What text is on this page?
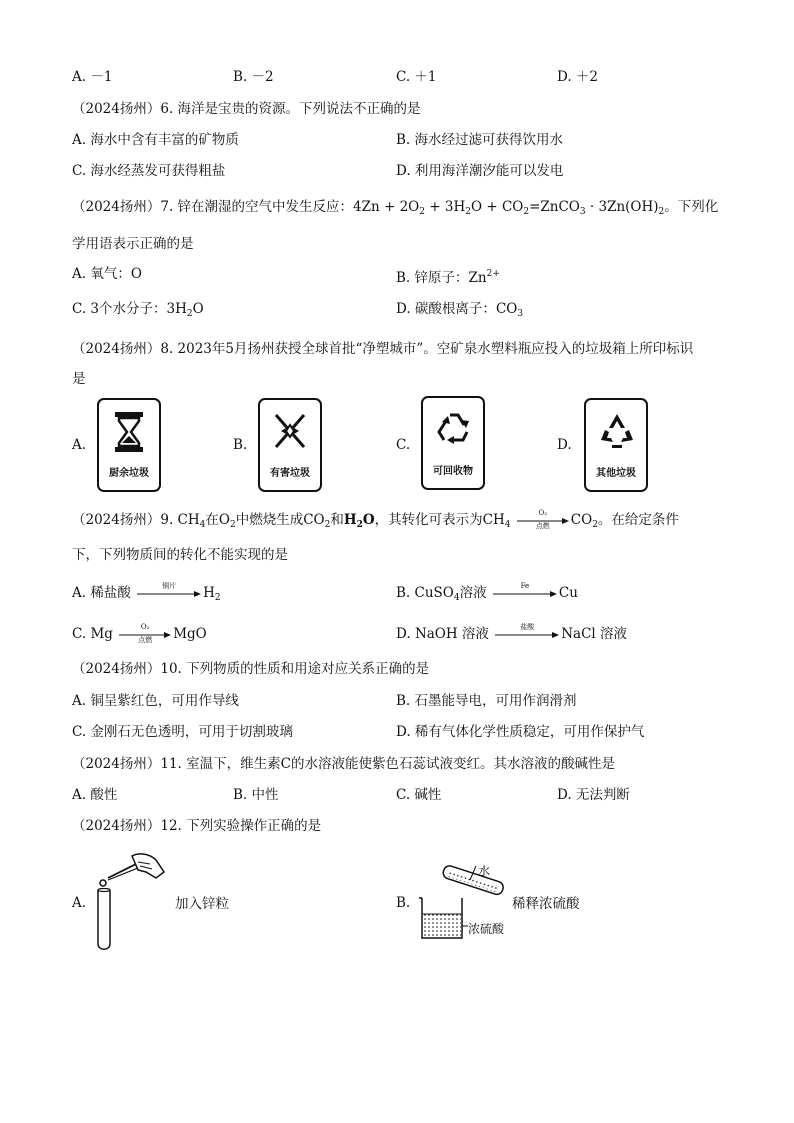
A. －1	B. －2	C. ＋1	D. ＋2
（2024扬州）6. 海洋是宝贵的资源。下列说法不正确的是
A. 海水中含有丰富的矿物质	B. 海水经过滤可获得饮用水
C. 海水经蒸发可获得粗盐	D. 利用海洋潮汐能可以发电
（2024扬州）7. 锌在潮湿的空气中发生反应：$4Zn + 2O_2 + 3H_2O$ + $CO_2=ZnCO_3 \cdot 3Zn(OH)_2$。下列化
学用语表示正确的是
A. 氧气：O	B. 锌原子：$Zn^{2+}$
C. 3个水分子：$3H_2O$	D. 碳酸根离子：$CO_3$
（2024扬州）8. 2023年5月扬州获授全球首批“净塑城市”。空矿泉水塑料瓶应投入的垃圾箱上所印标识
是
A.
厨余垃圾
B.
有害垃圾
C.
可回收物
D.
其他垃圾
（2024扬州）9. $CH_4$在$O_2$中燃烧生成$CO_2$和$H_2O$，其转化可表示为$CH_4$
O₂
点燃	$CO_2$。在给定条件
下，下列物质间的转化不能实现的是
A. 稀盐酸	铜片	$H_2$	B. CuSO$_4$溶液	Fe	Cu
C. Mg	O₂
点燃	MgO	D. NaOH 溶液	盐酸	NaCl 溶液
（2024扬州）10. 下列物质的性质和用途对应关系正确的是
A. 铜呈紫红色，可用作导线	B. 石墨能导电，可用作润滑剂
C. 金刚石无色透明，可用于切割玻璃	D. 稀有气体化学性质稳定，可用作保护气
（2024扬州）11. 室温下，维生素C的水溶液能使紫色石蕊试液变红。其水溶液的酸碱性是
A. 酸性	B. 中性	C. 碱性	D. 无法判断
（2024扬州）12. 下列实验操作正确的是
A.	加入锌粒	B.
水
浓硫酸
稀释浓硫酸
